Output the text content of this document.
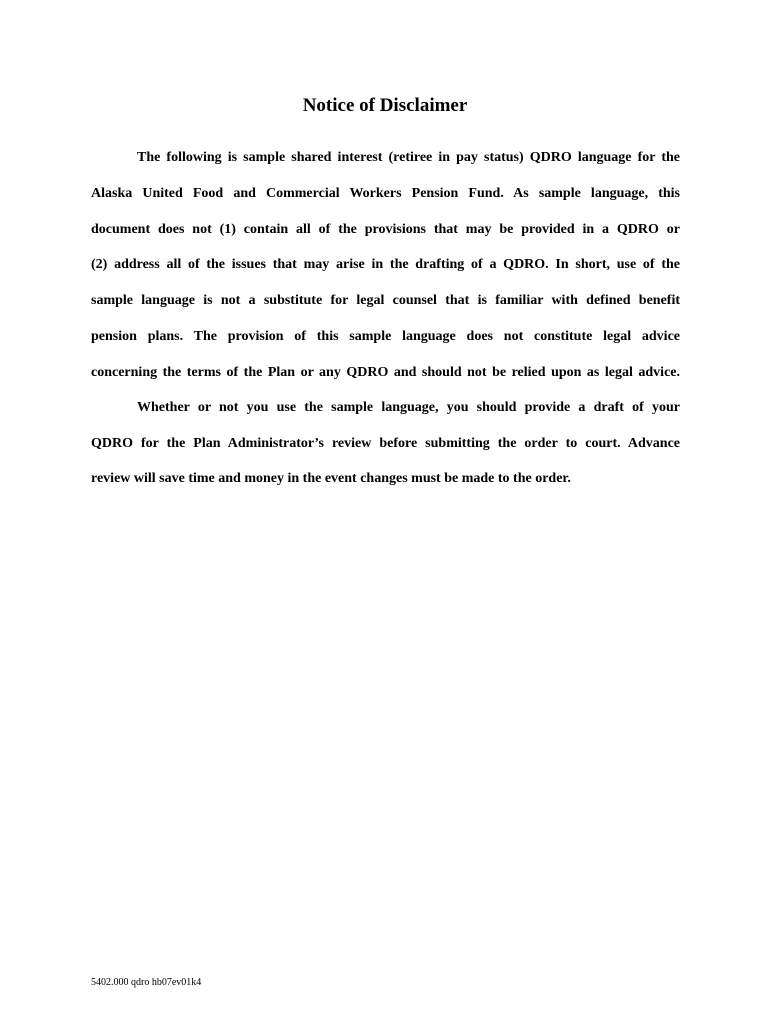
Notice of Disclaimer
The following is sample shared interest (retiree in pay status) QDRO language for the
Alaska United Food and Commercial Workers Pension Fund. As sample language, this
document does not (1) contain all of the provisions that may be provided in a QDRO or
(2) address all of the issues that may arise in the drafting of a QDRO. In short, use of the
sample language is not a substitute for legal counsel that is familiar with defined benefit
pension plans. The provision of this sample language does not constitute legal advice
concerning the terms of the Plan or any QDRO and should not be relied upon as legal advice.
Whether or not you use the sample language, you should provide a draft of your
QDRO for the Plan Administrator’s review before submitting the order to court. Advance
review will save time and money in the event changes must be made to the order.
5402.000 qdro hb07ev01k4
